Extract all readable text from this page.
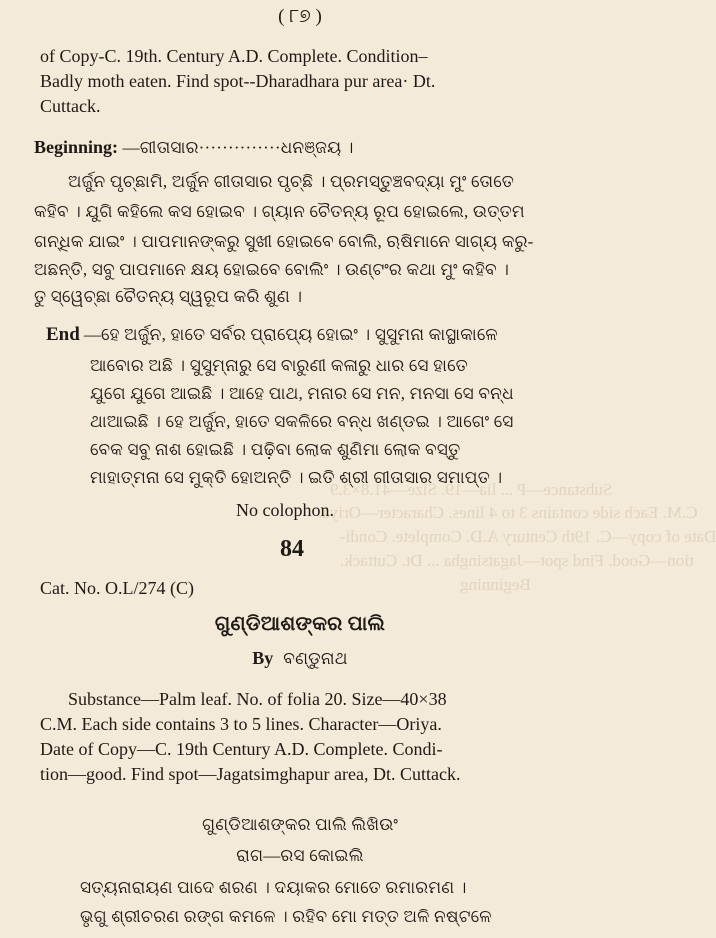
Substance—P ... lia—19. Size—41.8×3.9
C.M. Each side contains 3 to 4 lines. Character—Oriya.
Date of copy—C. 19th Century A.D. Complete. Condi-
tion—Good. Find spot—Jagatsingha ... Dt. Cuttack.
Beginning
( ୮୭ )
of Copy-C. 19th. Century A.D. Complete. Condition–
Badly moth eaten. Find spot--Dharadhara pur area· Dt.
Cuttack.
Beginning: —ଗୀତାସାର··············ଧନଞ୍ଜୟ ।
ଅର୍ଜୁନ ପୃଚ୍ଛାମି, ଅର୍ଜୁନ ଗୀତାସାର ପୃଚ୍ଛି । ପ୍ରମସ୍ତୁଞ୍ଚବଦ୍ୟା ମୁଂ ତୋତେ
କହିବ । ଯୁଗି କହିଲେ କସ ହୋଇବ । ଗ୍ୟାନ ଚୈତନ୍ୟ ରୂପ ହୋଇଲେ, ଉତ୍ତମ
ଗନ୍ଧିକ ଯାଇଂ । ପାପମାନଙ୍କରୁ ସୁଖୀ ହୋଇବେ ବୋଲି, ଋଷିମାନେ ସାଗ୍ୟ କରୁ-
ଅଛନ୍ତି, ସବୁ ପାପମାନେ କ୍ଷୟ ହୋଇବେ ବୋଲିଂ । ଉଣ୍ଟଂର କଥା ମୁଂ କହିବ ।
ତୁ ସ୍ୱେଚ୍ଛା ଚୈତନ୍ୟ ସ୍ୱରୂପ କରି ଶୁଣ ।
End —ହେ ଅର୍ଜୁନ, ହାତେ ସର୍ବର ପ୍ରାପ୍ୟେ ହୋଇଂ । ସୁସୁମନା କାସ୍ଥାକାଳେ
ଆବୋର ଅଛି । ସୁସୁମ୍ନାରୁ ସେ ବାରୁଣୀ କଳାରୁ ଧାର ସେ ହାତେ
ଯୁଗେ ଯୁଗେ ଆଇଛି । ଆହେ ପାଥ, ମନାର ସେ ମନ, ମନସା ସେ ବନ୍ଧ
ଥାଆଇଛି । ହେ ଅର୍ଜୁନ, ହାତେ ସକଳିରେ ବନ୍ଧ ଖଣ୍ଡଇ । ଆଗେଂ ସେ
ବେକ ସବୁ ନାଶ ହୋଇଛି । ପଢ଼ିବା ଲୋକ ଶୁଣିମା ଲୋକ ବସ୍ତୁ
ମାହାତ୍ମନା ସେ ମୁକ୍ତି ହୋଅନ୍ତି । ଇତି ଶ୍ରୀ ଗୀତାସାର ସମାପ୍ତ ।
No colophon.
84
Cat. No. O.L/274 (C)
ଗୁଣ୍ଡିଆଶଙ୍କର ପାଲି
By ବଣ୍ଡୁନାଥ
Substance—Palm leaf. No. of folia 20. Size—40×38
C.M. Each side contains 3 to 5 lines. Character—Oriya.
Date of Copy—C. 19th Century A.D. Complete. Condi-
tion—good. Find spot—Jagatsimghapur area, Dt. Cuttack.
ଗୁଣ୍ଡିଆଶଙ୍କର ପାଲି ଲିଖିଉଂ
ରାଗ—ରସ କୋଇଲି
ସତ୍ୟନାରାୟଣ ପାଦେ ଶରଣ । ଦୟାକର ମୋତେ ରମାରମଣ ।
ଭୃଗୁ ଶ୍ରୀଚରଣ ରଙ୍ଗ କମଳେ । ରହିବ ମୋ ମତ୍ତ ଅଳି ନଷ୍ଟଳେ
